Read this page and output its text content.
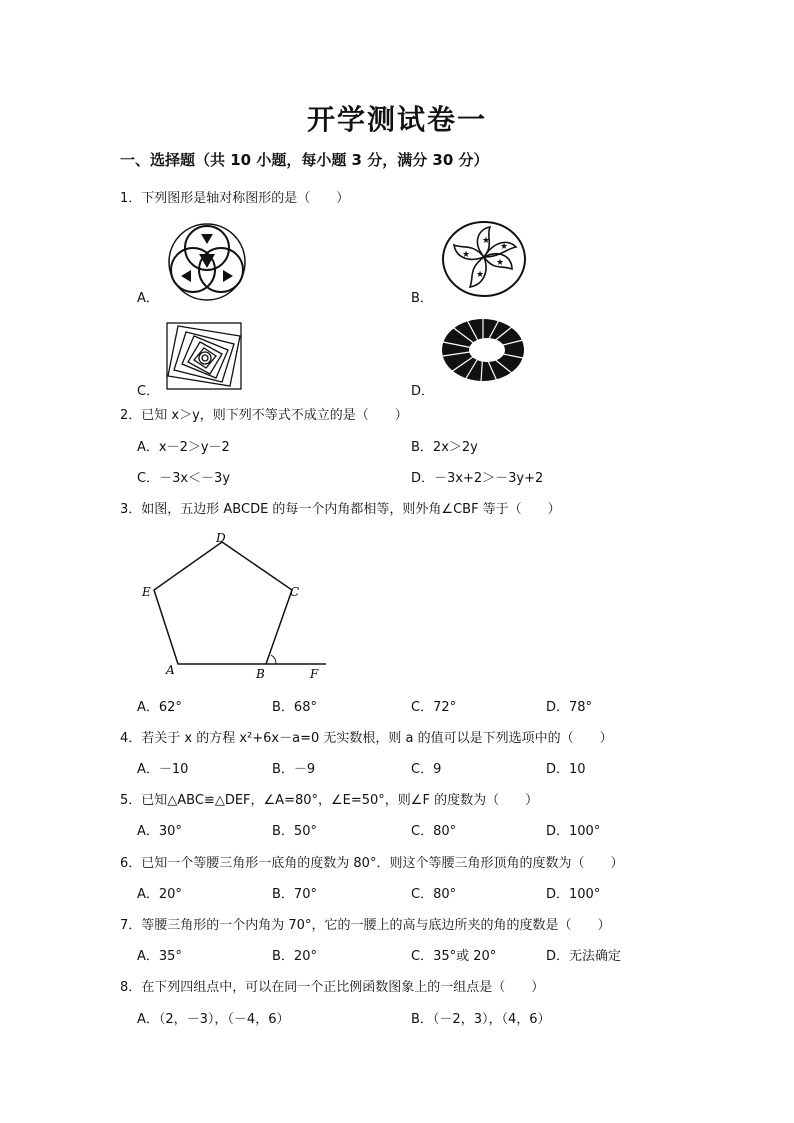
开学测试卷一
一、选择题（共 10 小题，每小题 3 分，满分 30 分）
1．下列图形是轴对称图形的是（　　）
A．	B．
★
★
★
★
★
C．	D．
2．已知 x＞y，则下列不等式不成立的是（　　）
A．x－2＞y－2	B．2x＞2y
C．－3x＜－3y	D．－3x+2＞－3y+2
3．如图，五边形 ABCDE 的每一个内角都相等，则外角∠CBF 等于（　　）
D
C
E
A	B	F
A．62°	B．68°	C．72°	D．78°
4．若关于 x 的方程 x²+6x－a=0 无实数根，则 a 的值可以是下列选项中的（　　）
A．－10	B．－9	C．9	D．10
5．已知△ABC≌△DEF，∠A=80°，∠E=50°，则∠F 的度数为（　　）
A．30°	B．50°	C．80°	D．100°
6．已知一个等腰三角形一底角的度数为 80°．则这个等腰三角形顶角的度数为（　　）
A．20°	B．70°	C．80°	D．100°
7．等腰三角形的一个内角为 70°，它的一腰上的高与底边所夹的角的度数是（　　）
A．35°	B．20°	C．35°或 20°	D．无法确定
8．在下列四组点中，可以在同一个正比例函数图象上的一组点是（　　）
A．（2，－3），（－4，6）	B．（－2，3），（4，6）
